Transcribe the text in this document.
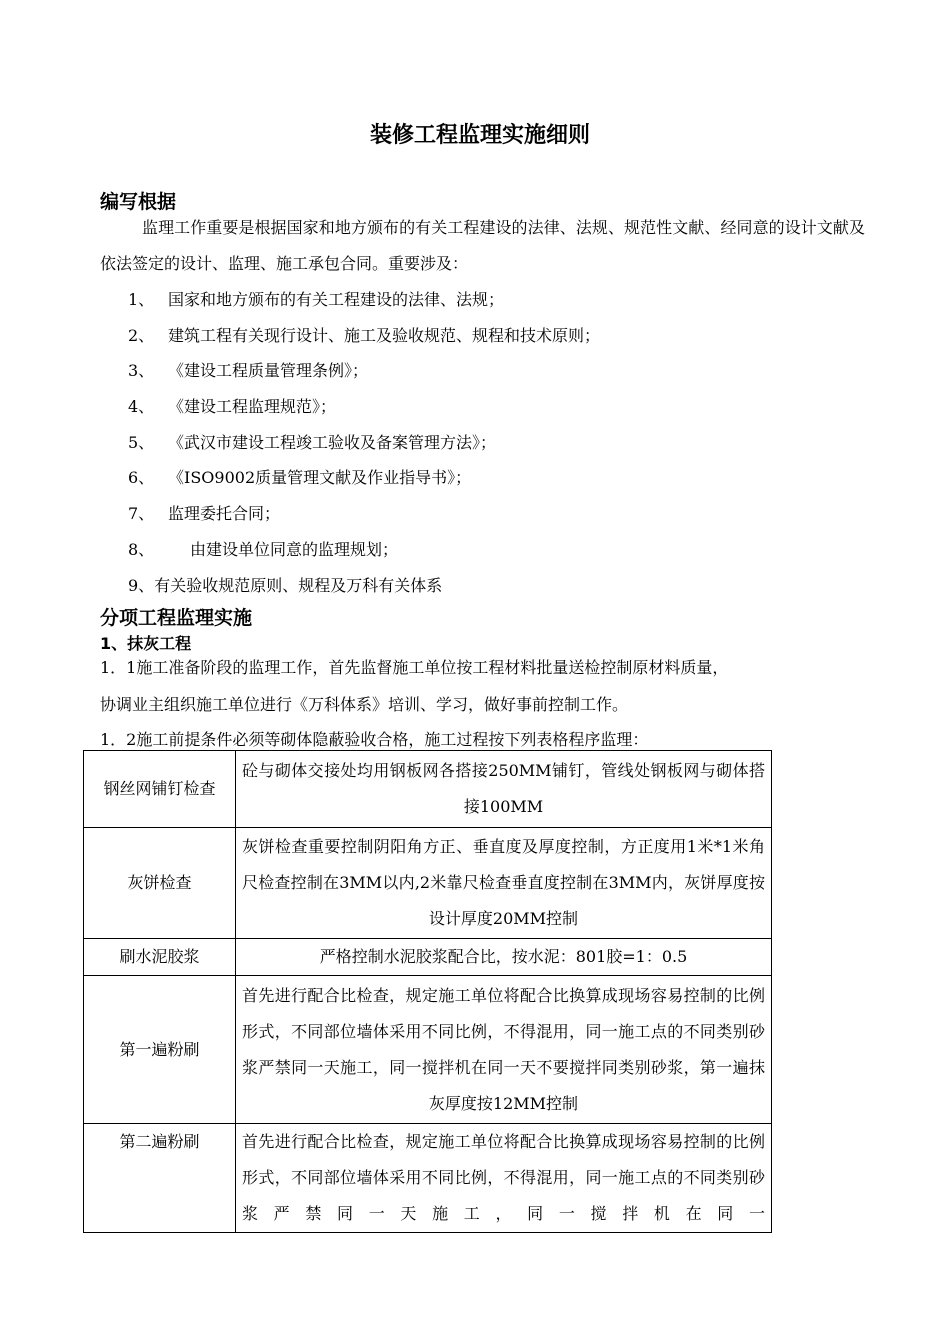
装修工程监理实施细则
编写根据
监理工作重要是根据国家和地方颁布的有关工程建设的法律、法规、规范性文献、经同意的设计文献及依法签定的设计、监理、施工承包合同。重要涉及：
1、 国家和地方颁布的有关工程建设的法律、法规；
2、 建筑工程有关现行设计、施工及验收规范、规程和技术原则；
3、 《建设工程质量管理条例》；
4、 《建设工程监理规范》；
5、 《武汉市建设工程竣工验收及备案管理方法》；
6、 《ISO9002质量管理文献及作业指导书》；
7、 监理委托合同；
8、 由建设单位同意的监理规划；
9、有关验收规范原则、规程及万科有关体系
分项工程监理实施
1、抹灰工程
1．1施工准备阶段的监理工作，首先监督施工单位按工程材料批量送检控制原材料质量，
协调业主组织施工单位进行《万科体系》培训、学习，做好事前控制工作。
1．2施工前提条件必须等砌体隐蔽验收合格，施工过程按下列表格程序监理：
钢丝网铺钉检查	砼与砌体交接处均用钢板网各搭接250MM铺钉，管线处钢板网与砌体搭接100MM
灰饼检查	灰饼检查重要控制阴阳角方正、垂直度及厚度控制，方正度用1米*1米角尺检查控制在3MM以内,2米靠尺检查垂直度控制在3MM内，灰饼厚度按设计厚度20MM控制
刷水泥胶浆	严格控制水泥胶浆配合比，按水泥：801胶=1：0.5
第一遍粉刷	首先进行配合比检查，规定施工单位将配合比换算成现场容易控制的比例形式，不同部位墙体采用不同比例，不得混用，同一施工点的不同类别砂浆严禁同一天施工，同一搅拌机在同一天不要搅拌同类别砂浆，第一遍抹灰厚度按12MM控制
第二遍粉刷	首先进行配合比检查，规定施工单位将配合比换算成现场容易控制的比例形式，不同部位墙体采用不同比例，不得混用，同一施工点的不同类别砂浆严禁同一天施工，同一搅拌机在同一
